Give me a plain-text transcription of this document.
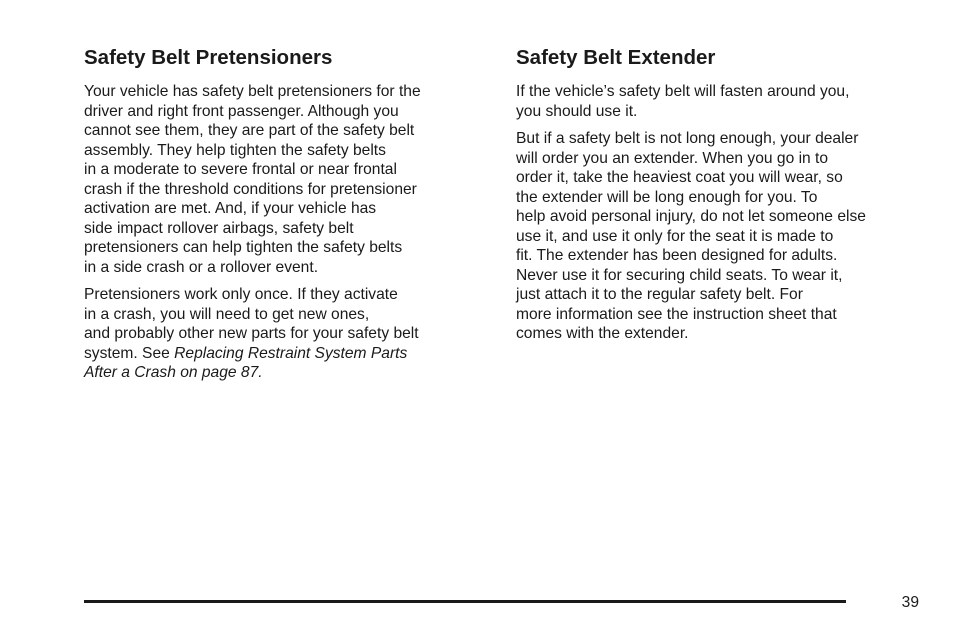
Safety Belt Pretensioners

Your vehicle has safety belt pretensioners for the
driver and right front passenger. Although you
cannot see them, they are part of the safety belt
assembly. They help tighten the safety belts
in a moderate to severe frontal or near frontal
crash if the threshold conditions for pretensioner
activation are met. And, if your vehicle has
side impact rollover airbags, safety belt
pretensioners can help tighten the safety belts
in a side crash or a rollover event.

Pretensioners work only once. If they activate
in a crash, you will need to get new ones,
and probably other new parts for your safety belt
system. See Replacing Restraint System Parts
After a Crash on page 87.

Safety Belt Extender

If the vehicle’s safety belt will fasten around you,
you should use it.

But if a safety belt is not long enough, your dealer
will order you an extender. When you go in to
order it, take the heaviest coat you will wear, so
the extender will be long enough for you. To
help avoid personal injury, do not let someone else
use it, and use it only for the seat it is made to
fit. The extender has been designed for adults.
Never use it for securing child seats. To wear it,
just attach it to the regular safety belt. For
more information see the instruction sheet that
comes with the extender.

39
